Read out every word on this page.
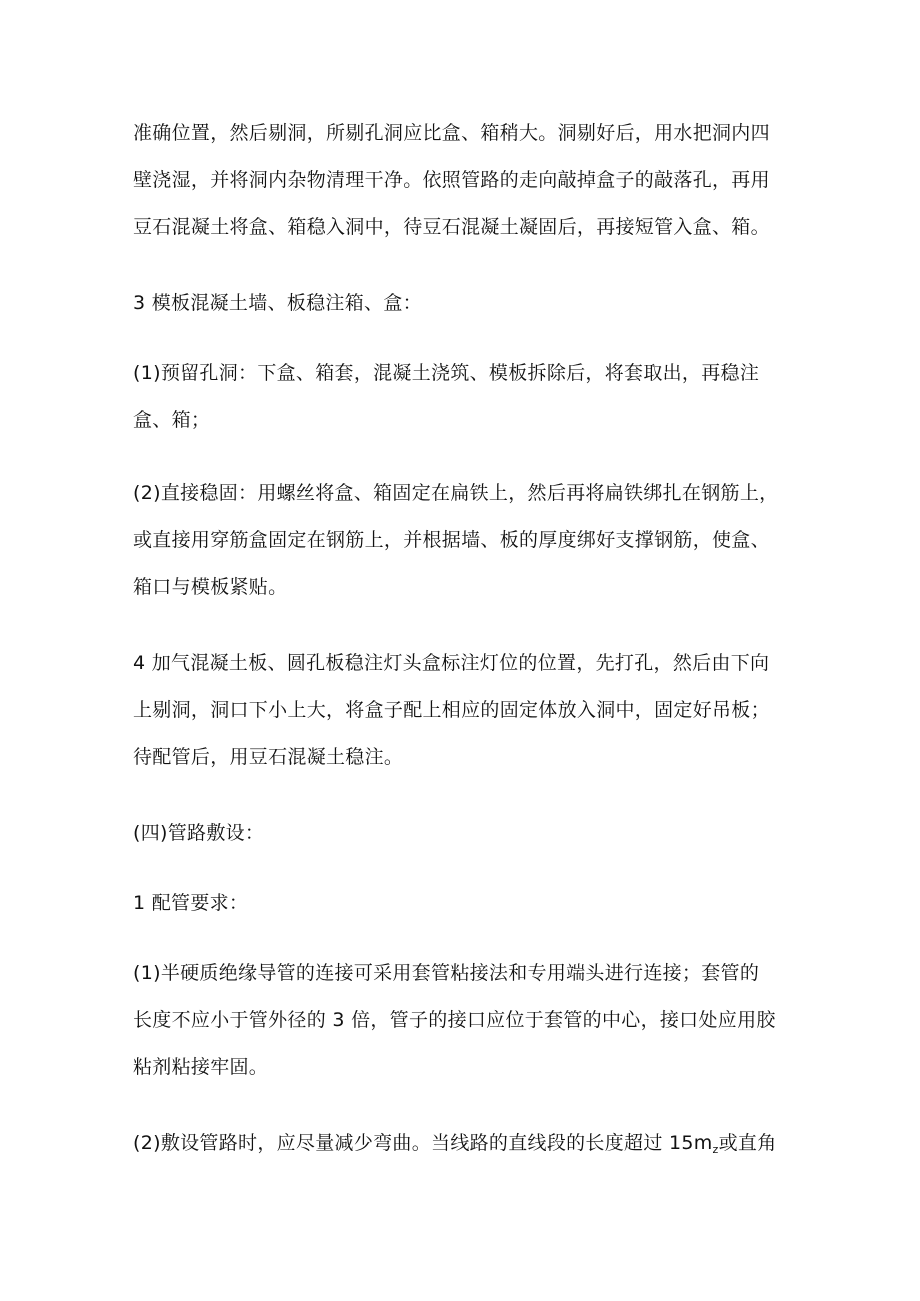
准确位置，然后剔洞，所剔孔洞应比盒、箱稍大。洞剔好后，用水把洞内四
壁浇湿，并将洞内杂物清理干净。依照管路的走向敲掉盒子的敲落孔，再用
豆石混凝土将盒、箱稳入洞中，待豆石混凝土凝固后，再接短管入盒、箱。
3 模板混凝土墙、板稳注箱、盒：
(1)预留孔洞：下盒、箱套，混凝土浇筑、模板拆除后，将套取出，再稳注
盒、箱；
(2)直接稳固：用螺丝将盒、箱固定在扁铁上，然后再将扁铁绑扎在钢筋上，
或直接用穿筋盒固定在钢筋上，并根据墙、板的厚度绑好支撑钢筋，使盒、
箱口与模板紧贴。
4 加气混凝土板、圆孔板稳注灯头盒标注灯位的位置，先打孔，然后由下向
上剔洞，洞口下小上大，将盒子配上相应的固定体放入洞中，固定好吊板；
待配管后，用豆石混凝土稳注。
(四)管路敷设：
1 配管要求：
(1)半硬质绝缘导管的连接可采用套管粘接法和专用端头进行连接；套管的
长度不应小于管外径的 3 倍，管子的接口应位于套管的中心，接口处应用胶
粘剂粘接牢固。
(2)敷设管路时，应尽量减少弯曲。当线路的直线段的长度超过 $15m_z$或直角
